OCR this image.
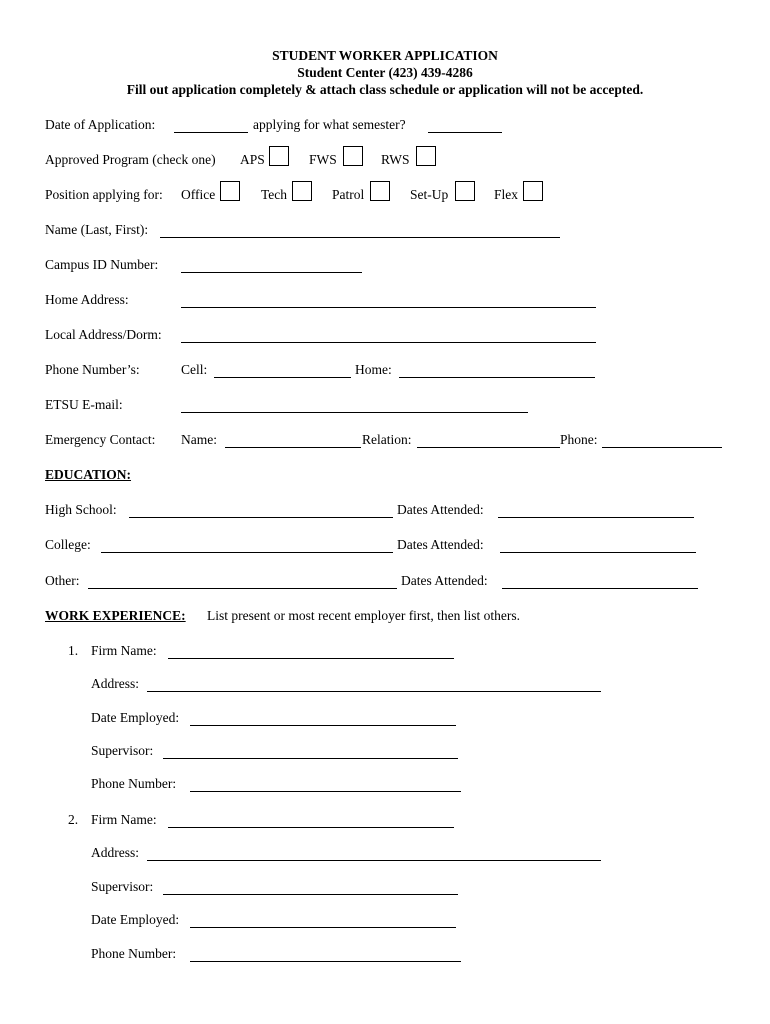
STUDENT WORKER APPLICATION
Student Center (423) 439-4286
Fill out application completely & attach class schedule or application will not be accepted.
Date of Application:	applying for what semester?
Approved Program (check one) APS	FWS	RWS
Position applying for: Office	Tech	Patrol	Set-Up	Flex
Name (Last, First):
Campus ID Number:
Home Address:
Local Address/Dorm:
Phone Number’s:	Cell:	Home:
ETSU E-mail:
Emergency Contact: Name:	Relation:	Phone:
EDUCATION:
High School:	Dates Attended:
College:	Dates Attended:
Other:	Dates Attended:
WORK EXPERIENCE: List present or most recent employer first, then list others.
1. Firm Name:
Address:
Date Employed:
Supervisor:
Phone Number:
2. Firm Name:
Address:
Supervisor:
Date Employed:
Phone Number:
